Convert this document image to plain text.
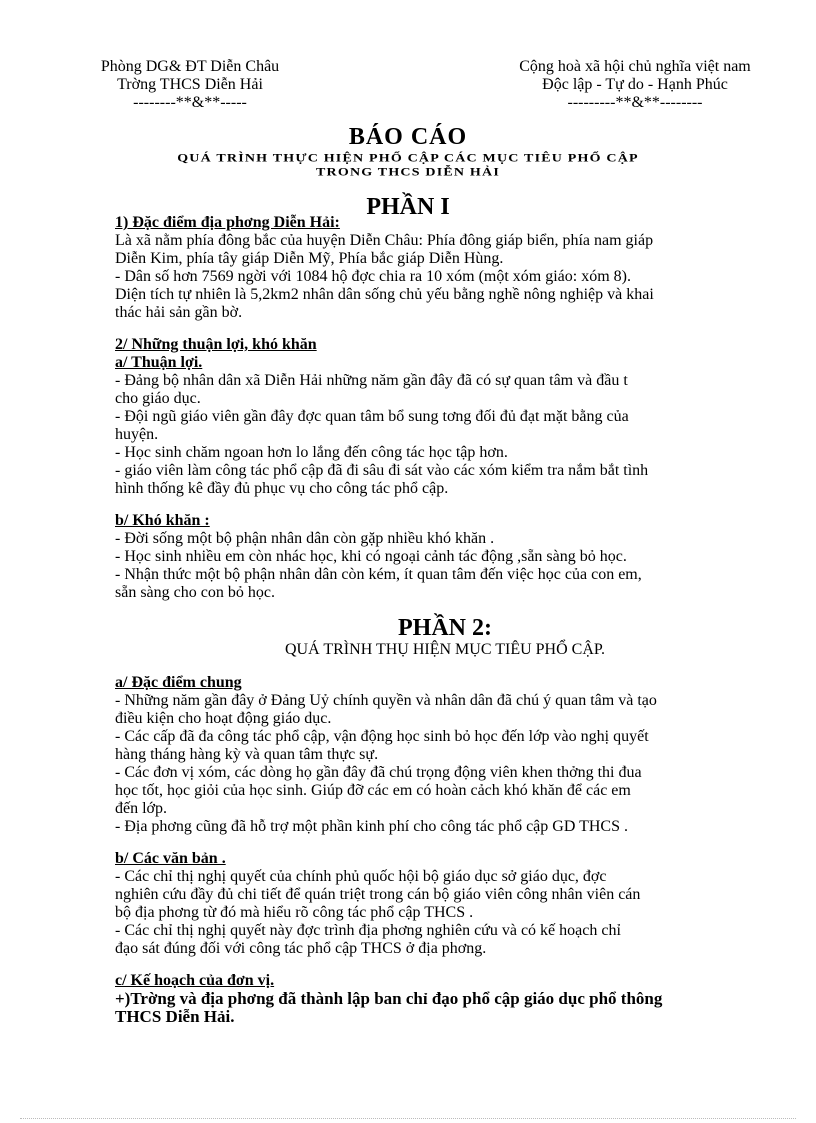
Phòng DG& ĐT Diễn Châu
Trờng THCS Diễn Hải
--------**&**-----
Cộng hoà xã hội chủ nghĩa việt nam
Độc lập - Tự do - Hạnh Phúc
---------**&**--------
BÁO CÁO
QUÁ TRÌNH THỰC HIỆN PHỔ CẬP CÁC MỤC TIÊU PHỔ CẬP
TRONG THCS DIỄN HẢI
PHẦN I

1) Đặc điểm địa phơng Diễn Hải:

Là xã nằm phía đông bắc của huyện Diễn Châu: Phía đông giáp biển, phía nam giáp

Diễn Kim, phía tây giáp Diễn Mỹ, Phía bắc giáp Diễn Hùng.

- Dân số hơn 7569 ngời với 1084 hộ đợc chia ra 10 xóm (một xóm giáo: xóm 8).

Diện tích tự nhiên là 5,2km2 nhân dân sống chủ yếu bằng nghề nông nghiệp và khai

thác hải sản gần bờ.

2/ Những thuận lợi, khó khăn

a/ Thuận lợi.

- Đảng bộ nhân dân xã Diễn Hải những năm gần đây đã có sự quan tâm và đầu t

cho giáo dục.

- Đội ngũ giáo viên gần đây đợc quan tâm bổ sung tơng đối đủ đạt mặt bằng của

huyện.

- Học sinh chăm ngoan hơn lo lắng đến công tác học tập hơn.

- giáo viên làm công tác phổ cập đã đi sâu đi sát vào các xóm kiểm tra nắm bắt tình

hình thống kê đầy đủ phục vụ cho công tác phổ cập.

b/ Khó khăn :

- Đời sống một bộ phận nhân dân còn gặp nhiều khó khăn .

- Học sinh nhiều em còn nhác học, khi có ngoại cảnh tác động ,sẵn sàng bỏ học.

- Nhận thức một bộ phận nhân dân còn kém, ít quan tâm đến việc học của con em,

sẵn sàng cho con bỏ học.

PHẦN 2:

QUÁ TRÌNH THỤ HIỆN MỤC TIÊU PHỔ CẬP.

a/ Đặc điểm chung

- Những năm gần đây ở Đảng Uỷ chính quyền và nhân dân đã chú ý quan tâm và tạo

điều kiện cho hoạt động giáo dục.

- Các cấp đã đa công tác phổ cập, vận động học sinh bỏ học đến lớp vào nghị quyết

hàng tháng hàng kỳ và quan tâm thực sự.

- Các đơn vị xóm, các dòng họ gần đây đã chú trọng động viên khen thởng thi đua

học tốt, học giỏi của học sinh. Giúp đỡ các em có hoàn cảch khó khăn để các em

đến lớp.

- Địa phơng cũng đã hỗ trợ một phần kinh phí cho công tác phổ cập GD THCS .

b/ Các văn bản .

- Các chỉ thị nghị quyết của chính phủ quốc hội bộ giáo dục sở giáo dục, đợc

nghiên cứu đầy đủ chi tiết để quán triệt trong cán bộ giáo viên công nhân viên cán

bộ địa phơng từ đó mà hiểu rõ công tác phổ cập THCS .

- Các chỉ thị nghị quyết này đợc trình địa phơng nghiên cứu và có kế hoạch chỉ

đạo sát đúng đối với công tác phổ cập THCS ở địa phơng.

c/ Kế hoạch của đơn vị.

+)Trờng và địa phơng đã thành lập ban chỉ đạo phổ cập giáo dục phổ thông

THCS Diễn Hải.
